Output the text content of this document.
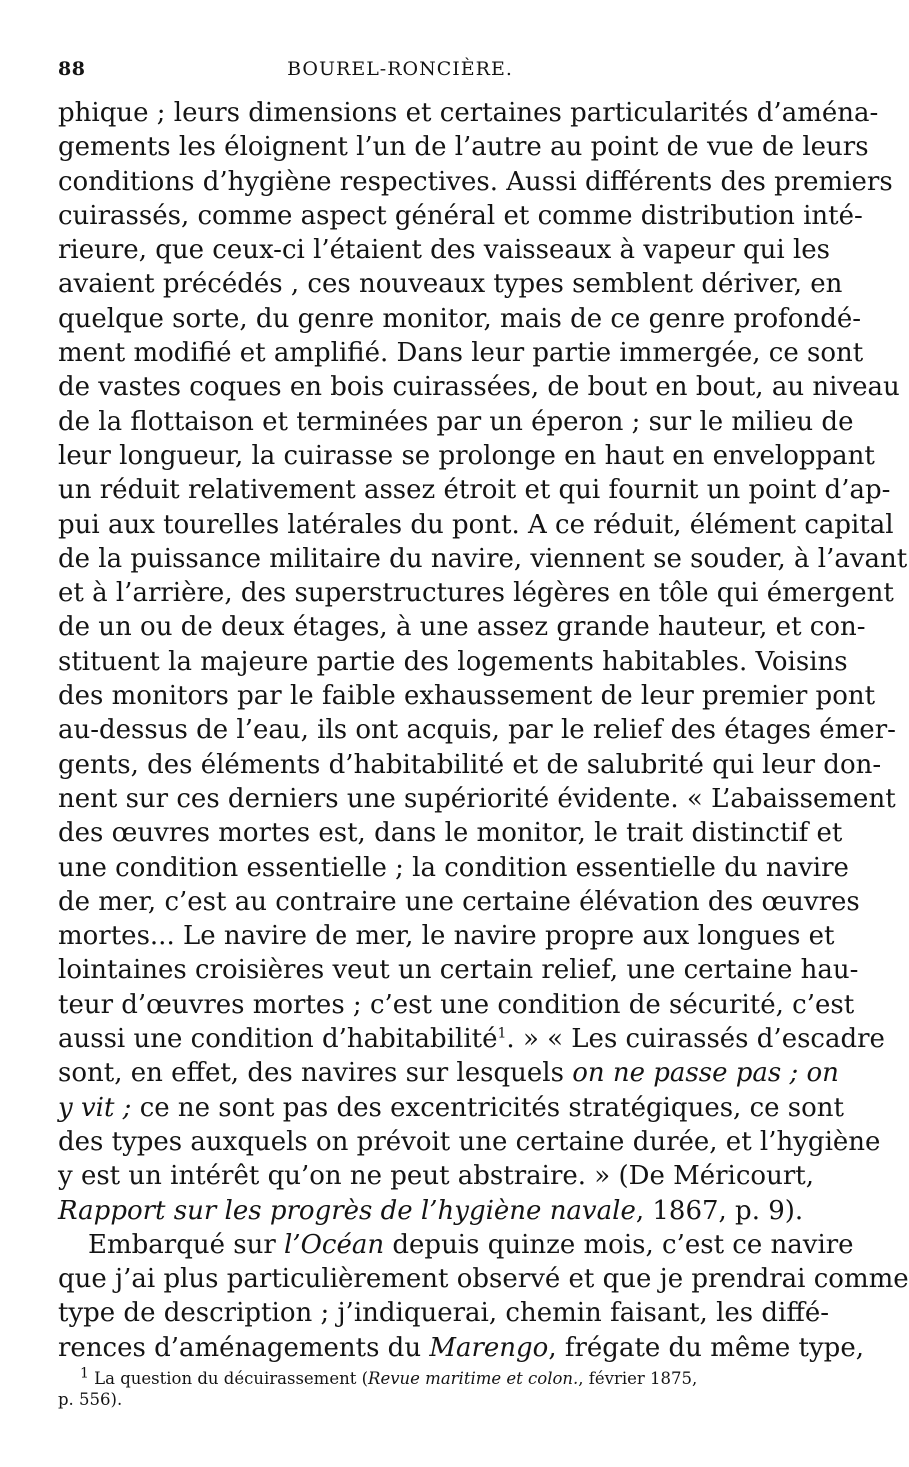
88	BOUREL-RONCIÈRE.
phique ; leurs dimensions et certaines particularités d’aména-
gements les éloignent l’un de l’autre au point de vue de leurs
conditions d’hygiène respectives. Aussi différents des premiers
cuirassés, comme aspect général et comme distribution inté-
rieure, que ceux-ci l’étaient des vaisseaux à vapeur qui les
avaient précédés , ces nouveaux types semblent dériver, en
quelque sorte, du genre monitor, mais de ce genre profondé-
ment modifié et amplifié. Dans leur partie immergée, ce sont
de vastes coques en bois cuirassées, de bout en bout, au niveau
de la flottaison et terminées par un éperon ; sur le milieu de
leur longueur, la cuirasse se prolonge en haut en enveloppant
un réduit relativement assez étroit et qui fournit un point d’ap-
pui aux tourelles latérales du pont. A ce réduit, élément capital
de la puissance militaire du navire, viennent se souder, à l’avant
et à l’arrière, des superstructures légères en tôle qui émergent
de un ou de deux étages, à une assez grande hauteur, et con-
stituent la majeure partie des logements habitables. Voisins
des monitors par le faible exhaussement de leur premier pont
au-dessus de l’eau, ils ont acquis, par le relief des étages émer-
gents, des éléments d’habitabilité et de salubrité qui leur don-
nent sur ces derniers une supériorité évidente. « L’abaissement
des œuvres mortes est, dans le monitor, le trait distinctif et
une condition essentielle ; la condition essentielle du navire
de mer, c’est au contraire une certaine élévation des œuvres
mortes... Le navire de mer, le navire propre aux longues et
lointaines croisières veut un certain relief, une certaine hau-
teur d’œuvres mortes ; c’est une condition de sécurité, c’est
aussi une condition d’habitabilité$^1$. » « Les cuirassés d’escadre
sont, en effet, des navires sur lesquels on ne passe pas ; on
y vit ; ce ne sont pas des excentricités stratégiques, ce sont
des types auxquels on prévoit une certaine durée, et l’hygiène
y est un intérêt qu’on ne peut abstraire. » (De Méricourt,
Rapport sur les progrès de l’hygiène navale, 1867, p. 9).
Embarqué sur l’Océan depuis quinze mois, c’est ce navire
que j’ai plus particulièrement observé et que je prendrai comme
type de description ; j’indiquerai, chemin faisant, les diffé-
rences d’aménagements du Marengo, frégate du même type,
$^1$ La question du décuirassement (Revue maritime et colon., février 1875,
p. 556).
